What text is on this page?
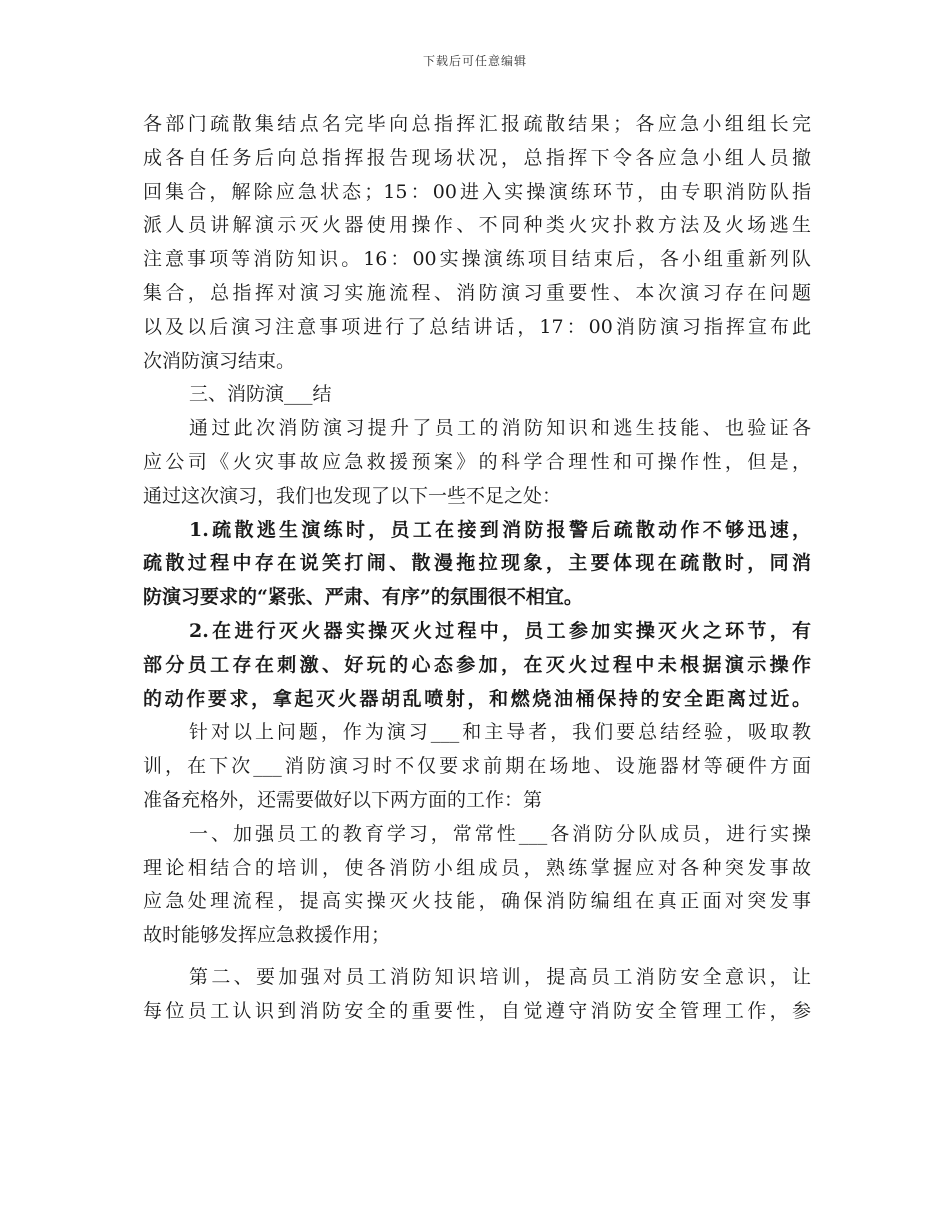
下载后可任意编辑
各部门疏散集结点名完毕向总指挥汇报疏散结果；各应急小组组长完
成各自任务后向总指挥报告现场状况，总指挥下令各应急小组人员撤
回集合，解除应急状态；15：00进入实操演练环节，由专职消防队指
派人员讲解演示灭火器使用操作、不同种类火灾扑救方法及火场逃生
注意事项等消防知识。16：00实操演练项目结束后，各小组重新列队
集合，总指挥对演习实施流程、消防演习重要性、本次演习存在问题
以及以后演习注意事项进行了总结讲话，17：00消防演习指挥宣布此
次消防演习结束。
三、消防演___结
通过此次消防演习提升了员工的消防知识和逃生技能、也验证各
应公司《火灾事故应急救援预案》的科学合理性和可操作性，但是，
通过这次演习，我们也发现了以下一些不足之处：
1.疏散逃生演练时，员工在接到消防报警后疏散动作不够迅速，
疏散过程中存在说笑打闹、散漫拖拉现象，主要体现在疏散时，同消
防演习要求的“紧张、严肃、有序”的氛围很不相宜。
2.在进行灭火器实操灭火过程中，员工参加实操灭火之环节，有
部分员工存在刺激、好玩的心态参加，在灭火过程中未根据演示操作
的动作要求，拿起灭火器胡乱喷射，和燃烧油桶保持的安全距离过近。
针对以上问题，作为演习___和主导者，我们要总结经验，吸取教
训，在下次___消防演习时不仅要求前期在场地、设施器材等硬件方面
准备充格外，还需要做好以下两方面的工作：第
一、加强员工的教育学习，常常性___各消防分队成员，进行实操
理论相结合的培训，使各消防小组成员，熟练掌握应对各种突发事故
应急处理流程，提高实操灭火技能，确保消防编组在真正面对突发事
故时能够发挥应急救援作用；
第二、要加强对员工消防知识培训，提高员工消防安全意识，让
每位员工认识到消防安全的重要性，自觉遵守消防安全管理工作，参
